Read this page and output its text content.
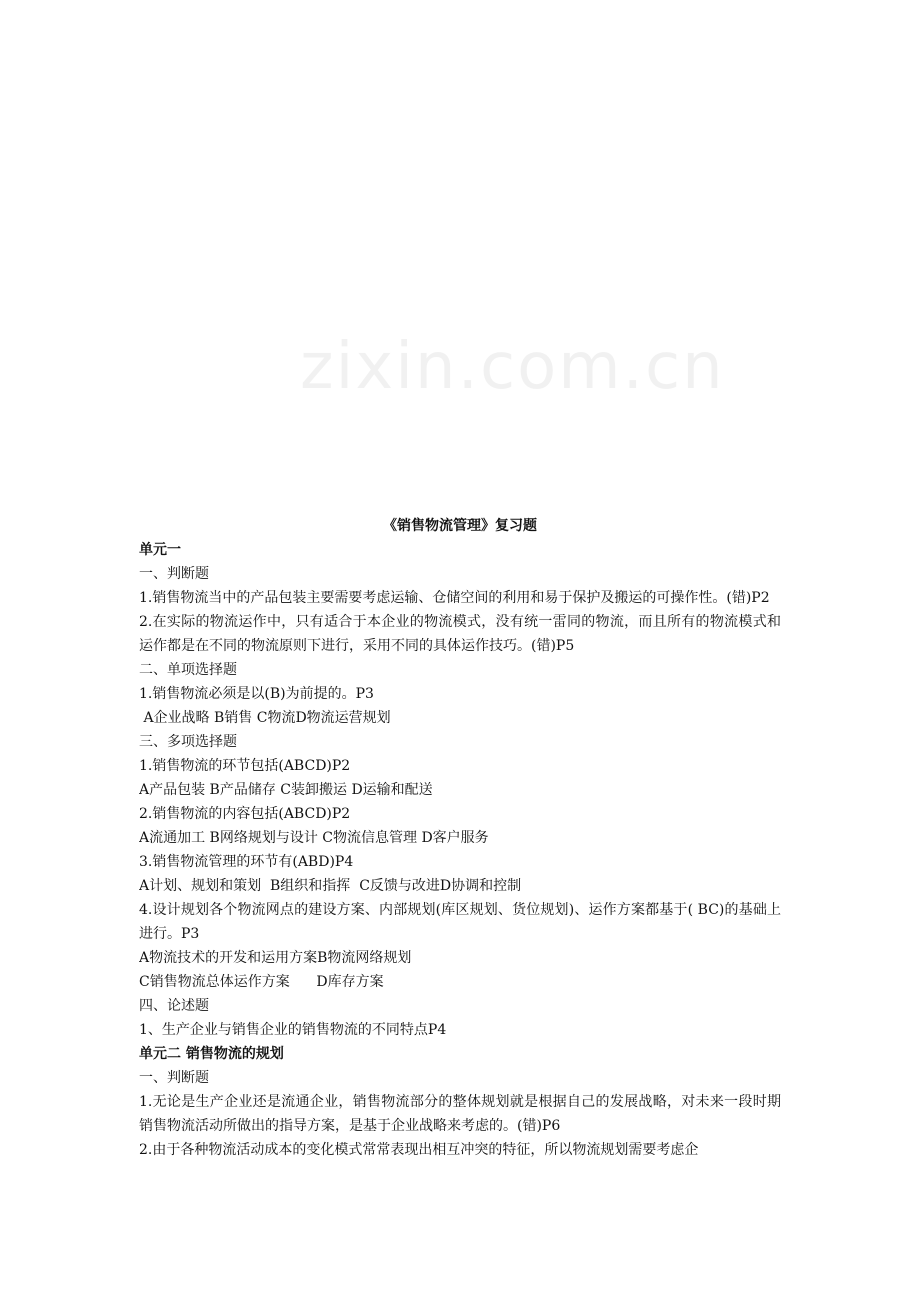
zixin.com.cn

《销售物流管理》复习题

单元一

一、判断题

1.销售物流当中的产品包装主要需要考虑运输、仓储空间的利用和易于保护及搬运的可操作性。(错)P2

2.在实际的物流运作中，只有适合于本企业的物流模式，没有统一雷同的物流，而且所有的物流模式和运作都是在不同的物流原则下进行，采用不同的具体运作技巧。(错)P5

二、单项选择题

1.销售物流必须是以(B)为前提的。P3

A企业战略 B销售 C物流D物流运营规划

三、多项选择题

1.销售物流的环节包括(ABCD)P2

A产品包装 B产品储存 C装卸搬运 D运输和配送

2.销售物流的内容包括(ABCD)P2

A流通加工 B网络规划与设计 C物流信息管理 D客户服务

3.销售物流管理的环节有(ABD)P4

A计划、规划和策划  B组织和指挥  C反馈与改进D协调和控制

4.设计规划各个物流网点的建设方案、内部规划(库区规划、货位规划)、运作方案都基于( BC)的基础上进行。P3

A物流技术的开发和运用方案B物流网络规划

C销售物流总体运作方案      D库存方案

四、论述题

1、生产企业与销售企业的销售物流的不同特点P4

单元二 销售物流的规划

一、判断题

1.无论是生产企业还是流通企业，销售物流部分的整体规划就是根据自己的发展战略，对未来一段时期销售物流活动所做出的指导方案，是基于企业战略来考虑的。(错)P6

2.由于各种物流活动成本的变化模式常常表现出相互冲突的特征，所以物流规划需要考虑企
